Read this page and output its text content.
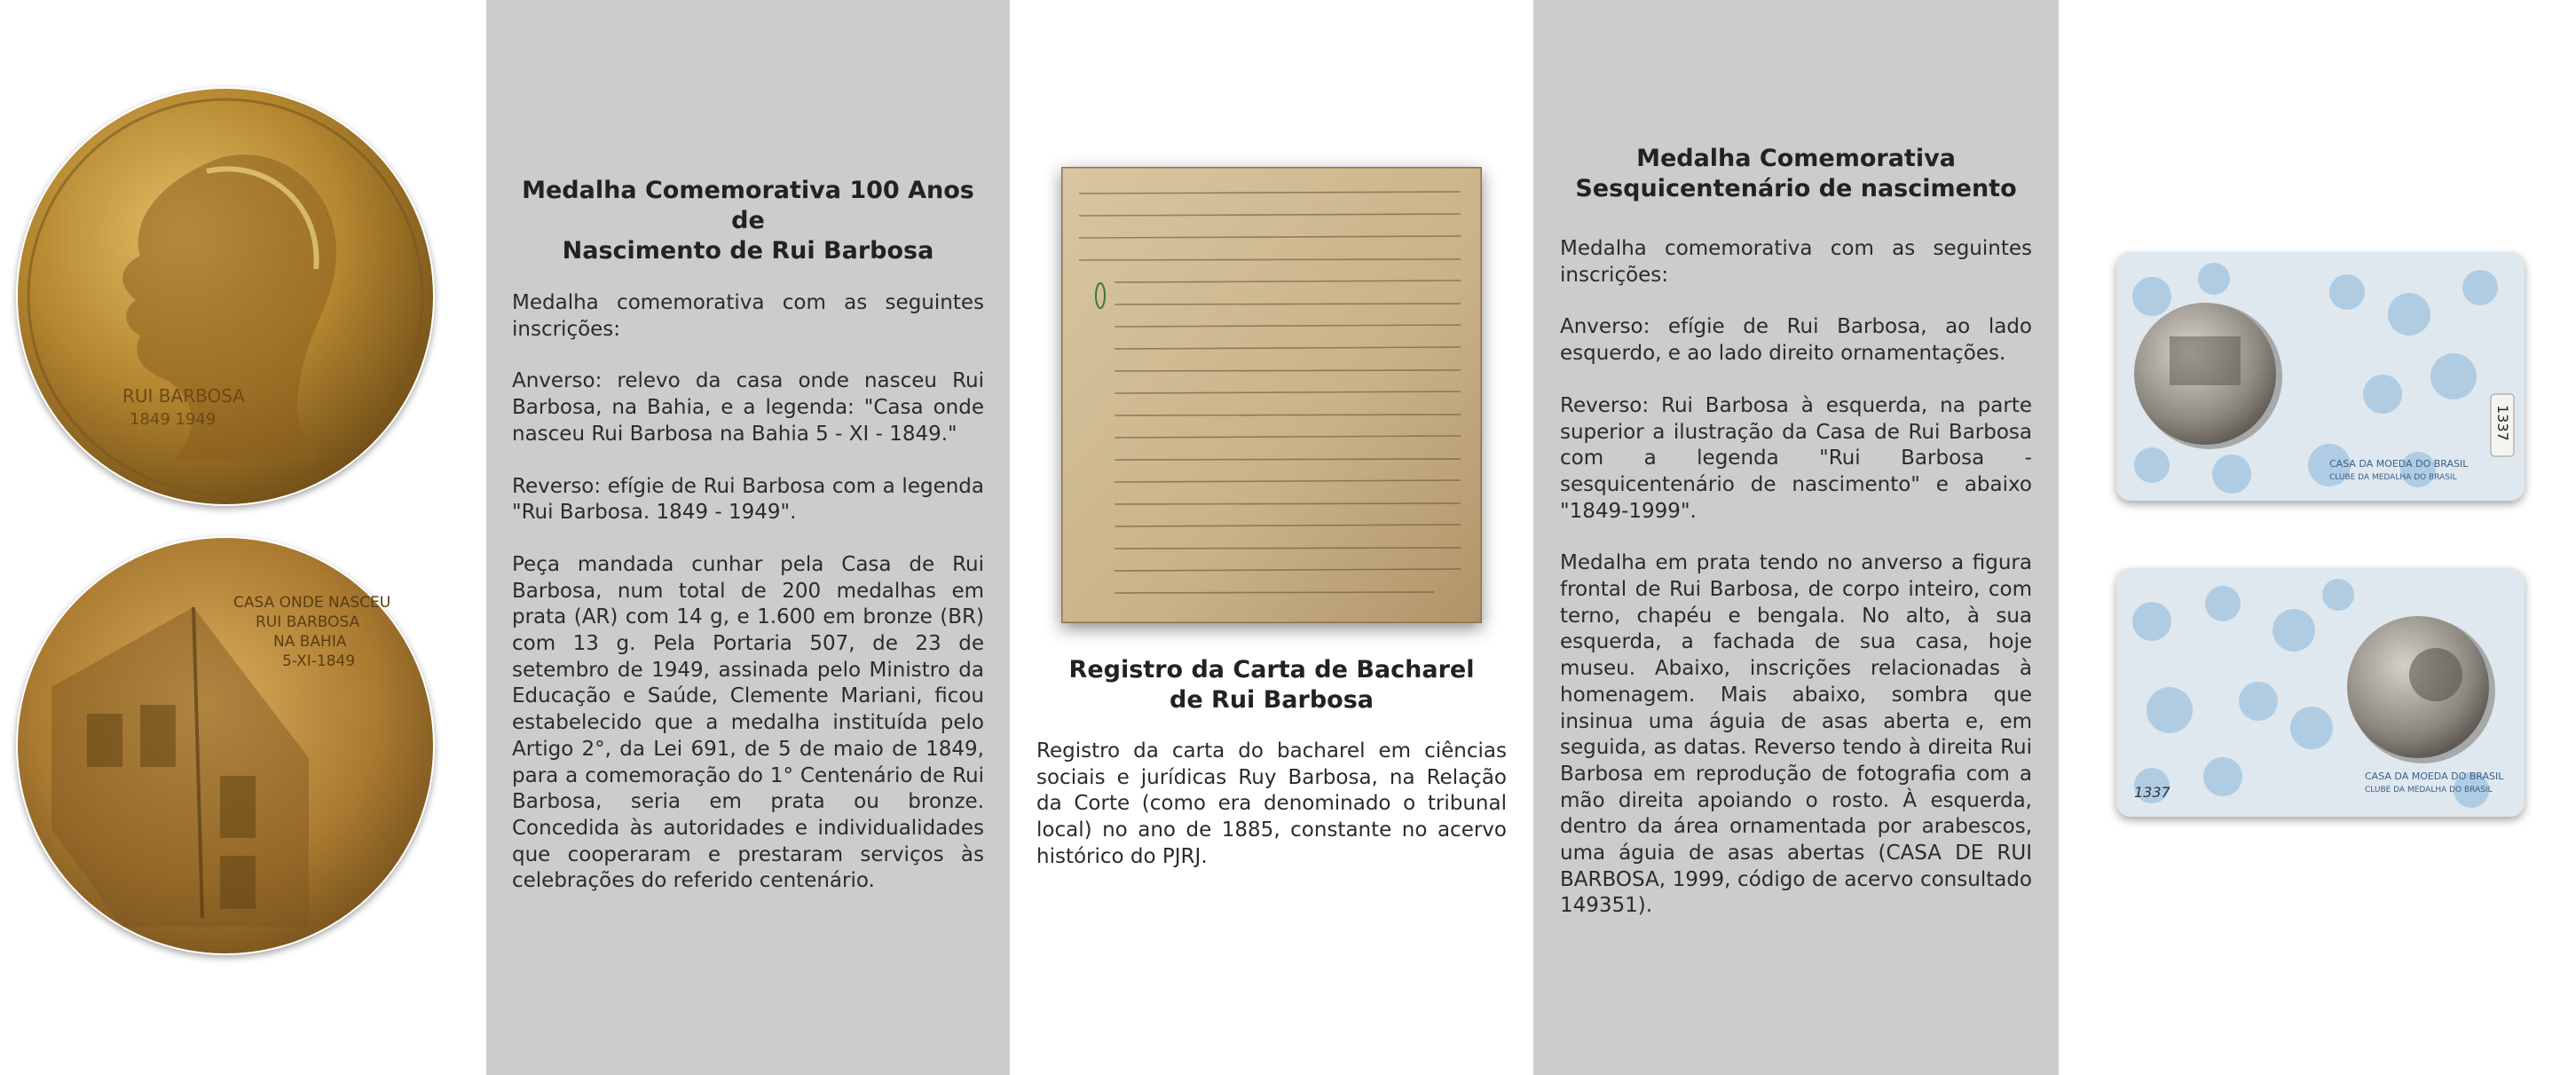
RUI BARBOSA
1849 1949
CASA ONDE NASCEU
RUI BARBOSA
NA BAHIA
5-XI-1849
Medalha Comemorativa 100 Anos de
Nascimento de Rui Barbosa

Medalha comemorativa com as seguintes inscrições:

Anverso: relevo da casa onde nasceu Rui Barbosa, na Bahia, e a legenda: "Casa onde nasceu Rui Barbosa na Bahia 5 - XI - 1849."

Reverso: efígie de Rui Barbosa com a legenda "Rui Barbosa. 1849 - 1949".

Peça mandada cunhar pela Casa de Rui Barbosa, num total de 200 medalhas em prata (AR) com 14 g, e 1.600 em bronze (BR) com 13 g. Pela Portaria 507, de 23 de setembro de 1949, assinada pelo Ministro da Educação e Saúde, Clemente Mariani, ficou estabelecido que a medalha instituída pelo Artigo 2°, da Lei 691, de 5 de maio de 1849, para a comemoração do 1° Centenário de Rui Barbosa, seria em prata ou bronze. Concedida às autoridades e individualidades que cooperaram e prestaram serviços às celebrações do referido centenário.

Registro da Carta de Bacharel
de Rui Barbosa

Registro da carta do bacharel em ciências sociais e jurídicas Ruy Barbosa, na Relação da Corte (como era denominado o tribunal local) no ano de 1885, constante no acervo histórico do PJRJ.

Medalha Comemorativa
Sesquicentenário de nascimento

Medalha comemorativa com as seguintes inscrições:

Anverso: efígie de Rui Barbosa, ao lado esquerdo, e ao lado direito ornamentações.

Reverso: Rui Barbosa à esquerda, na parte superior a ilustração da Casa de Rui Barbosa com a legenda "Rui Barbosa - sesquicentenário de nascimento" e abaixo "1849-1999".

Medalha em prata tendo no anverso a figura frontal de Rui Barbosa, de corpo inteiro, com terno, chapéu e bengala. No alto, à sua esquerda, a fachada de sua casa, hoje museu. Abaixo, inscrições relacionadas à homenagem. Mais abaixo, sombra que insinua uma águia de asas aberta e, em seguida, as datas. Reverso tendo à direita Rui Barbosa em reprodução de fotografia com a mão direita apoiando o rosto. À esquerda, dentro da área ornamentada por arabescos, uma águia de asas abertas (CASA DE RUI BARBOSA, 1999, código de acervo consultado 149351).

CASA DA MOEDA DO BRASIL
CLUBE DA MEDALHA DO BRASIL
1337
CASA DA MOEDA DO BRASIL
CLUBE DA MEDALHA DO BRASIL
1337
